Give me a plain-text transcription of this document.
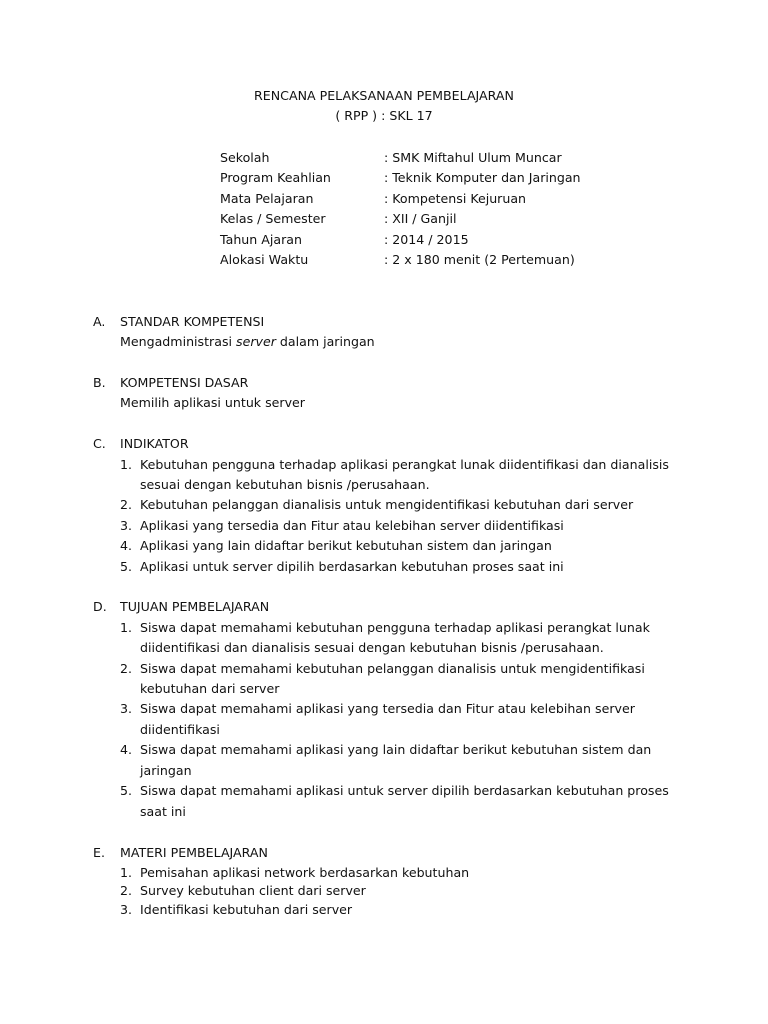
RENCANA PELAKSANAAN PEMBELAJARAN
( RPP ) : SKL 17
Sekolah	: SMK Miftahul Ulum Muncar
Program Keahlian	: Teknik Komputer dan Jaringan
Mata Pelajaran	: Kompetensi Kejuruan
Kelas / Semester	: XII / Ganjil
Tahun Ajaran	: 2014 / 2015
Alokasi Waktu	: 2 x 180 menit (2 Pertemuan)
A. STANDAR KOMPETENSI
Mengadministrasi server dalam jaringan
B. KOMPETENSI DASAR
Memilih aplikasi untuk server
C. INDIKATOR
1. Kebutuhan pengguna terhadap aplikasi perangkat lunak diidentifikasi dan dianalisis
sesuai dengan kebutuhan bisnis /perusahaan.
2. Kebutuhan pelanggan dianalisis untuk mengidentifikasi kebutuhan dari server
3. Aplikasi yang tersedia dan Fitur atau kelebihan server diidentifikasi
4. Aplikasi yang lain didaftar berikut kebutuhan sistem dan jaringan
5. Aplikasi untuk server dipilih berdasarkan kebutuhan proses saat ini
D. TUJUAN PEMBELAJARAN
1. Siswa dapat memahami kebutuhan pengguna terhadap aplikasi perangkat lunak
diidentifikasi dan dianalisis sesuai dengan kebutuhan bisnis /perusahaan.
2. Siswa dapat memahami kebutuhan pelanggan dianalisis untuk mengidentifikasi
kebutuhan dari server
3. Siswa dapat memahami aplikasi yang tersedia dan Fitur atau kelebihan server
diidentifikasi
4. Siswa dapat memahami aplikasi yang lain didaftar berikut kebutuhan sistem dan
jaringan
5. Siswa dapat memahami aplikasi untuk server dipilih berdasarkan kebutuhan proses
saat ini
E. MATERI PEMBELAJARAN
1. Pemisahan aplikasi network berdasarkan kebutuhan
2. Survey kebutuhan client dari server
3. Identifikasi kebutuhan dari server
